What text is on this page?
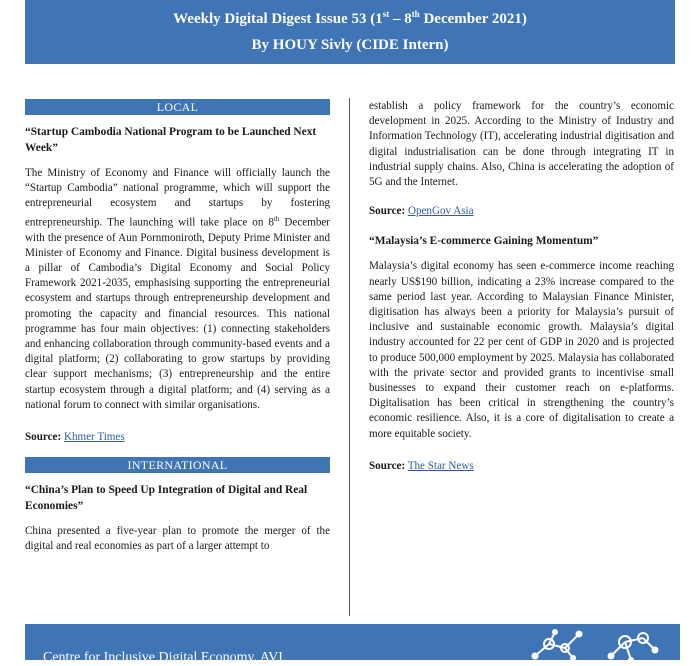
Weekly Digital Digest Issue 53 (1st – 8th December 2021)
By HOUY Sivly (CIDE Intern)
LOCAL
“Startup Cambodia National Program to be Launched Next Week”

The Ministry of Economy and Finance will officially launch the “Startup Cambodia” national programme, which will support the entrepreneurial ecosystem and startups by fostering entrepreneurship. The launching will take place on 8th December with the presence of Aun Pornmoniroth, Deputy Prime Minister and Minister of Economy and Finance. Digital business development is a pillar of Cambodia’s Digital Economy and Social Policy Framework 2021-2035, emphasising supporting the entrepreneurial ecosystem and startups through entrepreneurship development and promoting the capacity and financial resources. This national programme has four main objectives: (1) connecting stakeholders and enhancing collaboration through community-based events and a digital platform; (2) collaborating to grow startups by providing clear support mechanisms; (3) entrepreneurship and the entire startup ecosystem through a digital platform; and (4) serving as a national forum to connect with similar organisations.

Source: Khmer Times
INTERNATIONAL
“China’s Plan to Speed Up Integration of Digital and Real Economies”

China presented a five-year plan to promote the merger of the digital and real economies as part of a larger attempt to

establish a policy framework for the country’s economic development in 2025. According to the Ministry of Industry and Information Technology (IT), accelerating industrial digitisation and digital industrialisation can be done through integrating IT in industrial supply chains. Also, China is accelerating the adoption of 5G and the Internet.

Source: OpenGov Asia
“Malaysia’s E-commerce Gaining Momentum”

Malaysia’s digital economy has seen e-commerce income reaching nearly US$190 billion, indicating a 23% increase compared to the same period last year. According to Malaysian Finance Minister, digitisation has always been a priority for Malaysia’s pursuit of inclusive and sustainable economic growth. Malaysia’s digital industry accounted for 22 per cent of GDP in 2020 and is projected to produce 500,000 employment by 2025. Malaysia has collaborated with the private sector and provided grants to incentivise small businesses to expand their customer reach on e-platforms. Digitalisation has been critical in strengthening the country’s economic resilience. Also, it is a core of digitalisation to create a more equitable society.

Source: The Star News
Centre for Inclusive Digital Economy, AVI
